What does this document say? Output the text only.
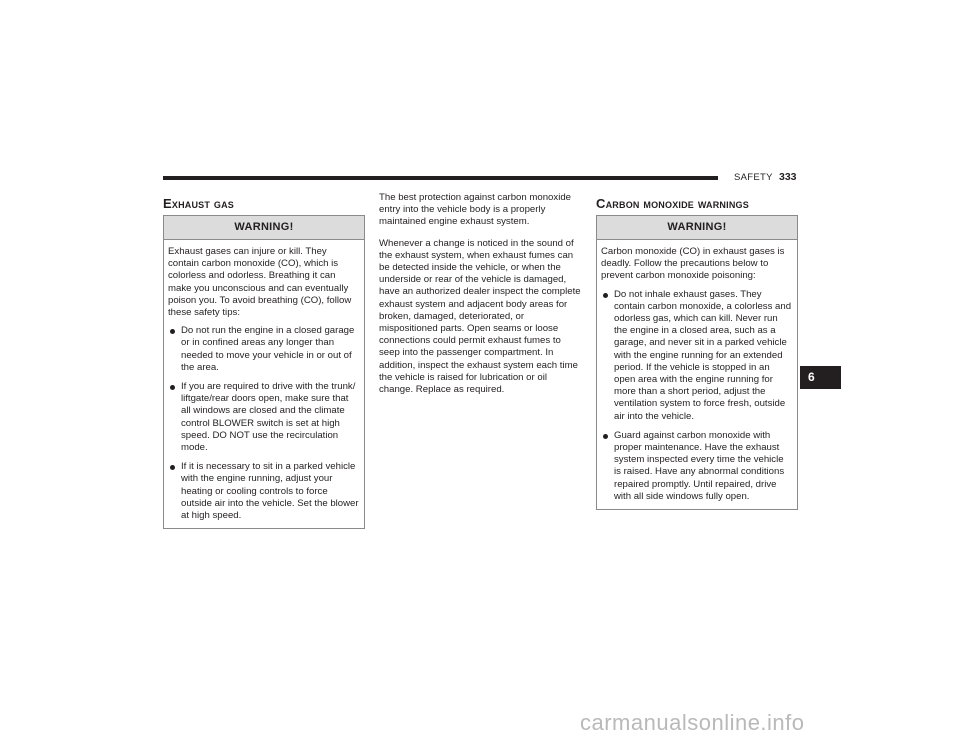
SAFETY 333
Exhaust gas
WARNING!

Exhaust gases can injure or kill. They contain carbon monoxide (CO), which is colorless and odorless. Breathing it can make you unconscious and can eventually poison you. To avoid breathing (CO), follow these safety tips:

Do not run the engine in a closed garage or in confined areas any longer than needed to move your vehicle in or out of the area.
If you are required to drive with the trunk/ liftgate/rear doors open, make sure that all windows are closed and the climate control BLOWER switch is set at high speed. DO NOT use the recirculation mode.
If it is necessary to sit in a parked vehicle with the engine running, adjust your heating or cooling controls to force outside air into the vehicle. Set the blower at high speed.

The best protection against carbon monoxide entry into the vehicle body is a properly maintained engine exhaust system.

Whenever a change is noticed in the sound of the exhaust system, when exhaust fumes can be detected inside the vehicle, or when the underside or rear of the vehicle is damaged, have an authorized dealer inspect the complete exhaust system and adjacent body areas for broken, damaged, deteriorated, or mispositioned parts. Open seams or loose connections could permit exhaust fumes to seep into the passenger compartment. In addition, inspect the exhaust system each time the vehicle is raised for lubrication or oil change. Replace as required.

Carbon monoxide warnings
WARNING!

Carbon monoxide (CO) in exhaust gases is deadly. Follow the precautions below to prevent carbon monoxide poisoning:

Do not inhale exhaust gases. They contain carbon monoxide, a colorless and odorless gas, which can kill. Never run the engine in a closed area, such as a garage, and never sit in a parked vehicle with the engine running for an extended period. If the vehicle is stopped in an open area with the engine running for more than a short period, adjust the ventilation system to force fresh, outside air into the vehicle.
Guard against carbon monoxide with proper maintenance. Have the exhaust system inspected every time the vehicle is raised. Have any abnormal conditions repaired promptly. Until repaired, drive with all side windows fully open.
6
carmanualsonline.info
